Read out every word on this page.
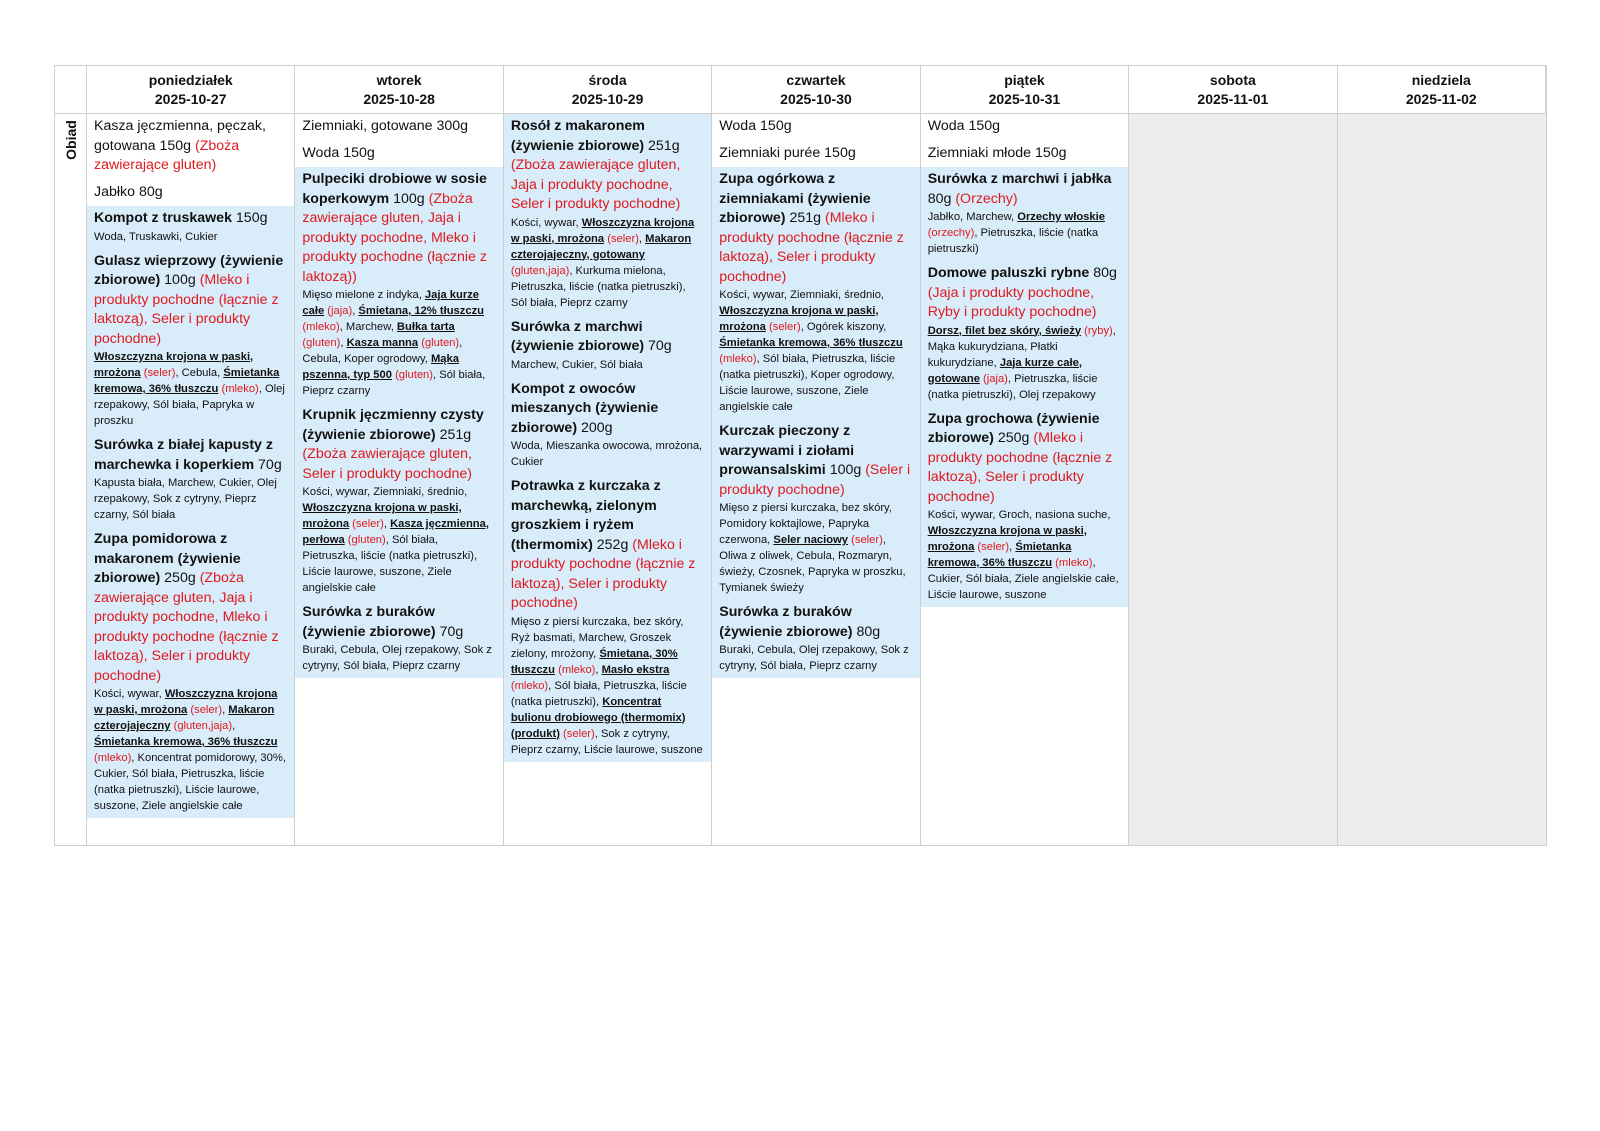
poniedziałek
2025-10-27
wtorek
2025-10-28
środa
2025-10-29
czwartek
2025-10-30
piątek
2025-10-31
sobota
2025-11-01
niedziela
2025-11-02
Obiad Kasza jęczmienna, pęczak, gotowana 150g (Zboża zawierające gluten)
Jabłko 80g
Kompot z truskawek 150g
Woda, Truskawki, Cukier
Gulasz wieprzowy (żywienie zbiorowe) 100g (Mleko i produkty pochodne (łącznie z laktozą), Seler i produkty pochodne)
Włoszczyzna krojona w paski, mrożona (seler), Cebula, Śmietanka kremowa, 36% tłuszczu (mleko), Olej rzepakowy, Sól biała, Papryka w proszku
Surówka z białej kapusty z marchewka i koperkiem 70g
Kapusta biała, Marchew, Cukier, Olej rzepakowy, Sok z cytryny, Pieprz czarny, Sól biała
Zupa pomidorowa z makaronem (żywienie zbiorowe) 250g (Zboża zawierające gluten, Jaja i produkty pochodne, Mleko i produkty pochodne (łącznie z laktozą), Seler i produkty pochodne)
Kości, wywar, Włoszczyzna krojona w paski, mrożona (seler), Makaron czterojajeczny (gluten,jaja), Śmietanka kremowa, 36% tłuszczu (mleko), Koncentrat pomidorowy, 30%, Cukier, Sól biała, Pietruszka, liście (natka pietruszki), Liście laurowe, suszone, Ziele angielskie całe
Ziemniaki, gotowane 300g
Woda 150g
Pulpeciki drobiowe w sosie koperkowym 100g (Zboża zawierające gluten, Jaja i produkty pochodne, Mleko i produkty pochodne (łącznie z laktozą))
Mięso mielone z indyka, Jaja kurze całe (jaja), Śmietana, 12% tłuszczu (mleko), Marchew, Bułka tarta (gluten), Kasza manna (gluten), Cebula, Koper ogrodowy, Mąka pszenna, typ 500 (gluten), Sól biała, Pieprz czarny
Krupnik jęczmienny czysty (żywienie zbiorowe) 251g (Zboża zawierające gluten, Seler i produkty pochodne)
Kości, wywar, Ziemniaki, średnio, Włoszczyzna krojona w paski, mrożona (seler), Kasza jęczmienna, perłowa (gluten), Sól biała, Pietruszka, liście (natka pietruszki), Liście laurowe, suszone, Ziele angielskie całe
Surówka z buraków (żywienie zbiorowe) 70g
Buraki, Cebula, Olej rzepakowy, Sok z cytryny, Sól biała, Pieprz czarny
Rosół z makaronem (żywienie zbiorowe) 251g (Zboża zawierające gluten, Jaja i produkty pochodne, Seler i produkty pochodne)
Kości, wywar, Włoszczyzna krojona w paski, mrożona (seler), Makaron czterojajeczny, gotowany (gluten,jaja), Kurkuma mielona, Pietruszka, liście (natka pietruszki), Sól biała, Pieprz czarny
Surówka z marchwi (żywienie zbiorowe) 70g
Marchew, Cukier, Sól biała
Kompot z owoców mieszanych (żywienie zbiorowe) 200g
Woda, Mieszanka owocowa, mrożona, Cukier
Potrawka z kurczaka z marchewką, zielonym groszkiem i ryżem (thermomix) 252g (Mleko i produkty pochodne (łącznie z laktozą), Seler i produkty pochodne)
Mięso z piersi kurczaka, bez skóry, Ryż basmati, Marchew, Groszek zielony, mrożony, Śmietana, 30% tłuszczu (mleko), Masło ekstra (mleko), Sól biała, Pietruszka, liście (natka pietruszki), Koncentrat bulionu drobiowego (thermomix) (produkt) (seler), Sok z cytryny, Pieprz czarny, Liście laurowe, suszone
Woda 150g
Ziemniaki purée 150g
Zupa ogórkowa z ziemniakami (żywienie zbiorowe) 251g (Mleko i produkty pochodne (łącznie z laktozą), Seler i produkty pochodne)
Kości, wywar, Ziemniaki, średnio, Włoszczyzna krojona w paski, mrożona (seler), Ogórek kiszony, Śmietanka kremowa, 36% tłuszczu (mleko), Sól biała, Pietruszka, liście (natka pietruszki), Koper ogrodowy, Liście laurowe, suszone, Ziele angielskie całe
Kurczak pieczony z warzywami i ziołami prowansalskimi 100g (Seler i produkty pochodne)
Mięso z piersi kurczaka, bez skóry, Pomidory koktajlowe, Papryka czerwona, Seler naciowy (seler), Oliwa z oliwek, Cebula, Rozmaryn, świeży, Czosnek, Papryka w proszku, Tymianek świeży
Surówka z buraków (żywienie zbiorowe) 80g
Buraki, Cebula, Olej rzepakowy, Sok z cytryny, Sól biała, Pieprz czarny
Woda 150g
Ziemniaki młode 150g
Surówka z marchwi i jabłka 80g (Orzechy)
Jabłko, Marchew, Orzechy włoskie (orzechy), Pietruszka, liście (natka pietruszki)
Domowe paluszki rybne 80g (Jaja i produkty pochodne, Ryby i produkty pochodne)
Dorsz, filet bez skóry, świeży (ryby), Mąka kukurydziana, Płatki kukurydziane, Jaja kurze całe, gotowane (jaja), Pietruszka, liście (natka pietruszki), Olej rzepakowy
Zupa grochowa (żywienie zbiorowe) 250g (Mleko i produkty pochodne (łącznie z laktozą), Seler i produkty pochodne)
Kości, wywar, Groch, nasiona suche, Włoszczyzna krojona w paski, mrożona (seler), Śmietanka kremowa, 36% tłuszczu (mleko), Cukier, Sól biała, Ziele angielskie całe, Liście laurowe, suszone
